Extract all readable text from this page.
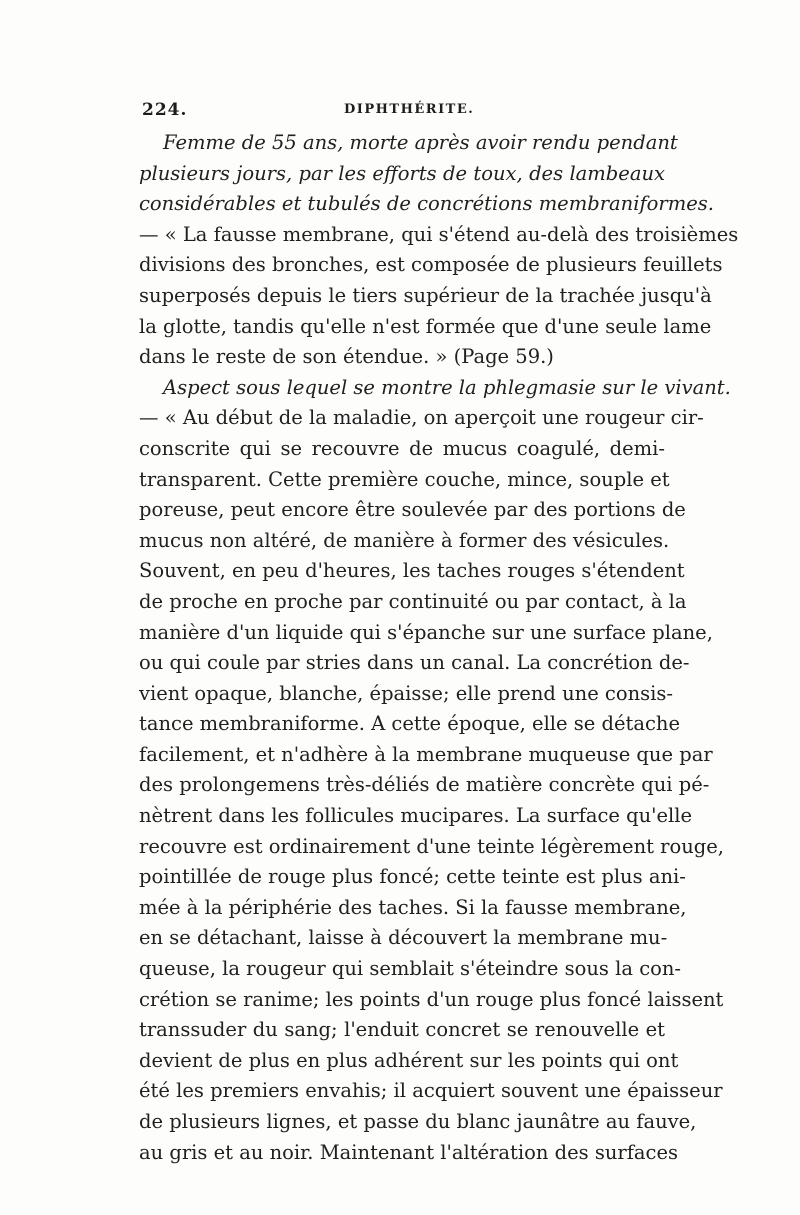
224.	DIPHTHÉRITE.
Femme de 55 ans, morte après avoir rendu pendant
plusieurs jours, par les efforts de toux, des lambeaux
considérables et tubulés de concrétions membraniformes.
— « La fausse membrane, qui s'étend au-delà des troisièmes
divisions des bronches, est composée de plusieurs feuillets
superposés depuis le tiers supérieur de la trachée jusqu'à
la glotte, tandis qu'elle n'est formée que d'une seule lame
dans le reste de son étendue. » (Page 59.)
Aspect sous lequel se montre la phlegmasie sur le vivant.
— « Au début de la maladie, on aperçoit une rougeur cir-
conscrite qui se recouvre de mucus coagulé, demi-
transparent. Cette première couche, mince, souple et
poreuse, peut encore être soulevée par des portions de
mucus non altéré, de manière à former des vésicules.
Souvent, en peu d'heures, les taches rouges s'étendent
de proche en proche par continuité ou par contact, à la
manière d'un liquide qui s'épanche sur une surface plane,
ou qui coule par stries dans un canal. La concrétion de-
vient opaque, blanche, épaisse; elle prend une consis-
tance membraniforme. A cette époque, elle se détache
facilement, et n'adhère à la membrane muqueuse que par
des prolongemens très-déliés de matière concrète qui pé-
nètrent dans les follicules mucipares. La surface qu'elle
recouvre est ordinairement d'une teinte légèrement rouge,
pointillée de rouge plus foncé; cette teinte est plus ani-
mée à la périphérie des taches. Si la fausse membrane,
en se détachant, laisse à découvert la membrane mu-
queuse, la rougeur qui semblait s'éteindre sous la con-
crétion se ranime; les points d'un rouge plus foncé laissent
transsuder du sang; l'enduit concret se renouvelle et
devient de plus en plus adhérent sur les points qui ont
été les premiers envahis; il acquiert souvent une épaisseur
de plusieurs lignes, et passe du blanc jaunâtre au fauve,
au gris et au noir. Maintenant l'altération des surfaces
